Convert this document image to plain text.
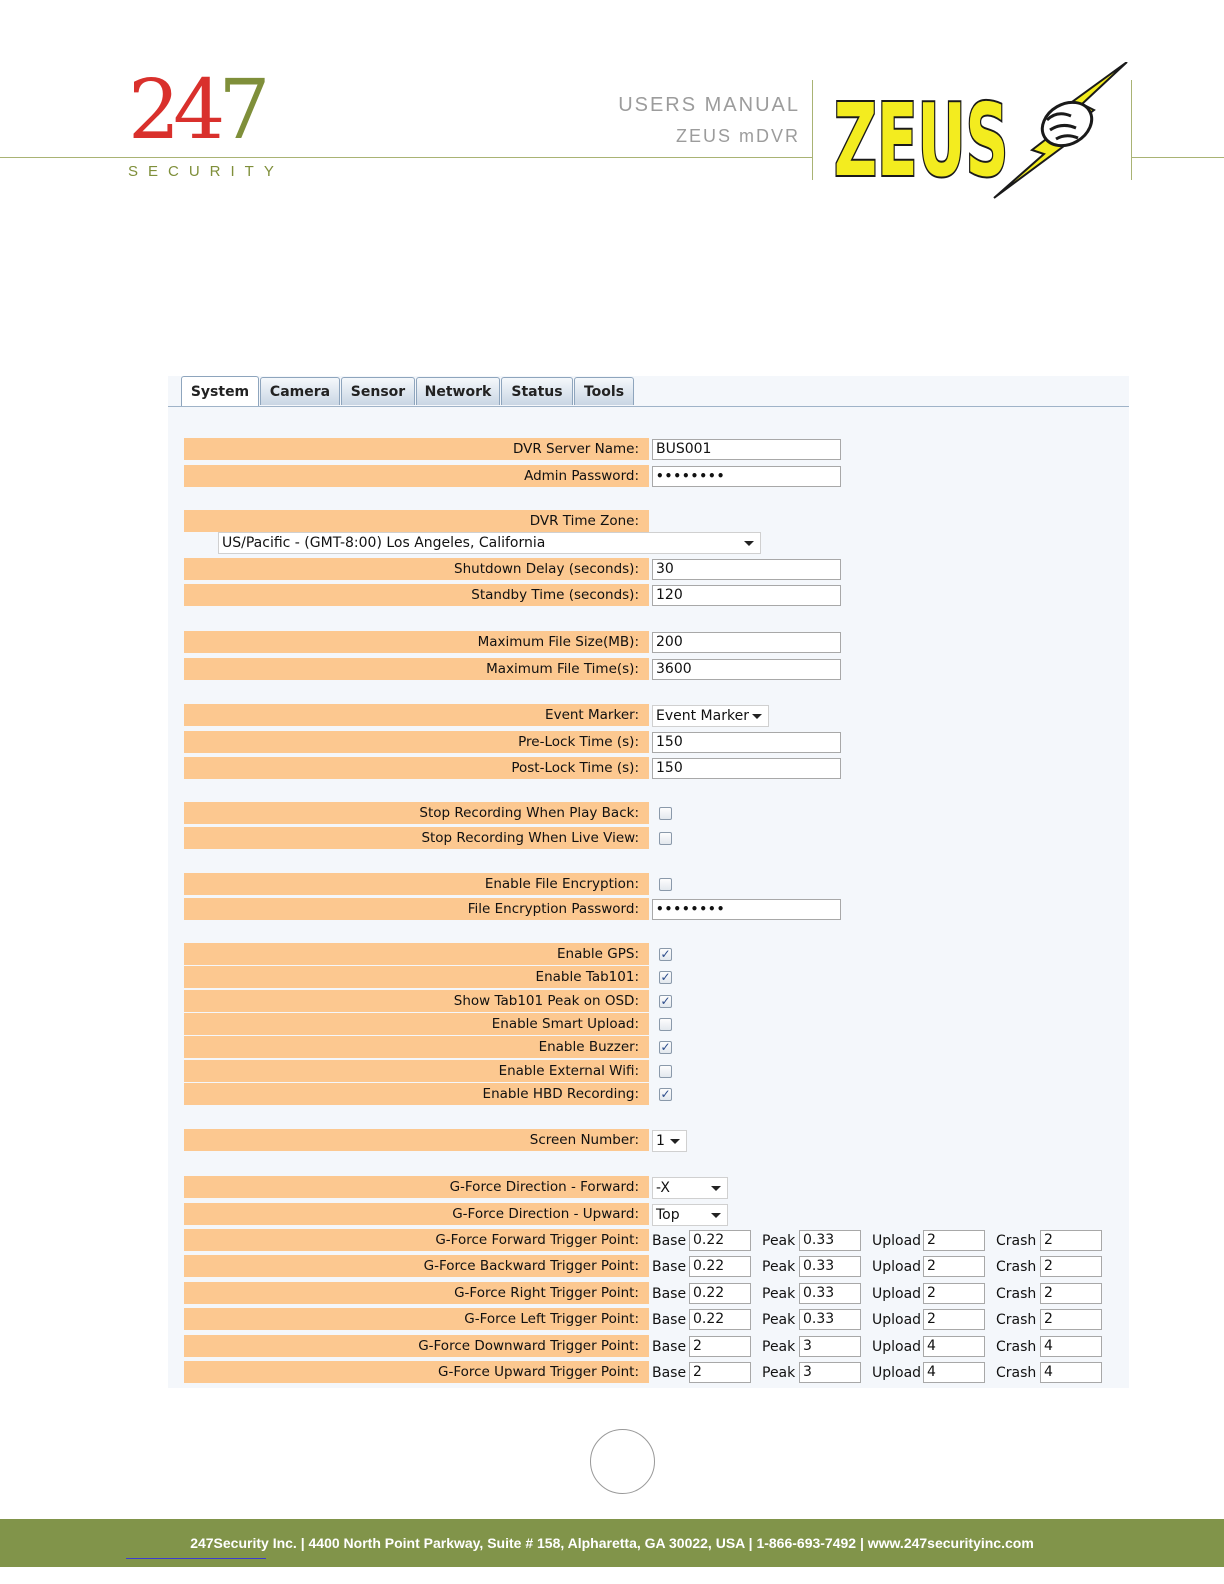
247
SECURITY
USERS MANUAL
ZEUS mDVR ZEUS
System	Camera	Sensor	Network	Status	Tools
DVR Server Name:	BUS001
Admin Password:	••••••••
DVR Time Zone:
US/Pacific - (GMT-8:00) Los Angeles, California
Shutdown Delay (seconds):	30
Standby Time (seconds):	120
Maximum File Size(MB):	200
Maximum File Time(s):	3600
Event Marker:	Event Marker
Pre-Lock Time (s):	150
Post-Lock Time (s):	150
Stop Recording When Play Back:
Stop Recording When Live View:
Enable File Encryption:
File Encryption Password:	••••••••
Enable GPS:	✓
Enable Tab101:	✓
Show Tab101 Peak on OSD:	✓
Enable Smart Upload:
Enable Buzzer:	✓
Enable External Wifi:
Enable HBD Recording:	✓
Screen Number:	1
G-Force Direction - Forward:	-X
G-Force Direction - Upward:	Top
G-Force Forward Trigger Point: Base 0.22	Peak 0.33	Upload 2	Crash 2
G-Force Backward Trigger Point: Base 0.22	Peak 0.33	Upload 2	Crash 2
G-Force Right Trigger Point: Base 0.22	Peak 0.33	Upload 2	Crash 2
G-Force Left Trigger Point: Base 0.22	Peak 0.33	Upload 2	Crash 2
G-Force Downward Trigger Point: Base 2	Peak 3	Upload 4	Crash 4
G-Force Upward Trigger Point: Base 2	Peak 3	Upload 4	Crash 4
247Security Inc. | 4400 North Point Parkway, Suite # 158, Alpharetta, GA 30022, USA | 1-866-693-7492 | www.247securityinc.com
